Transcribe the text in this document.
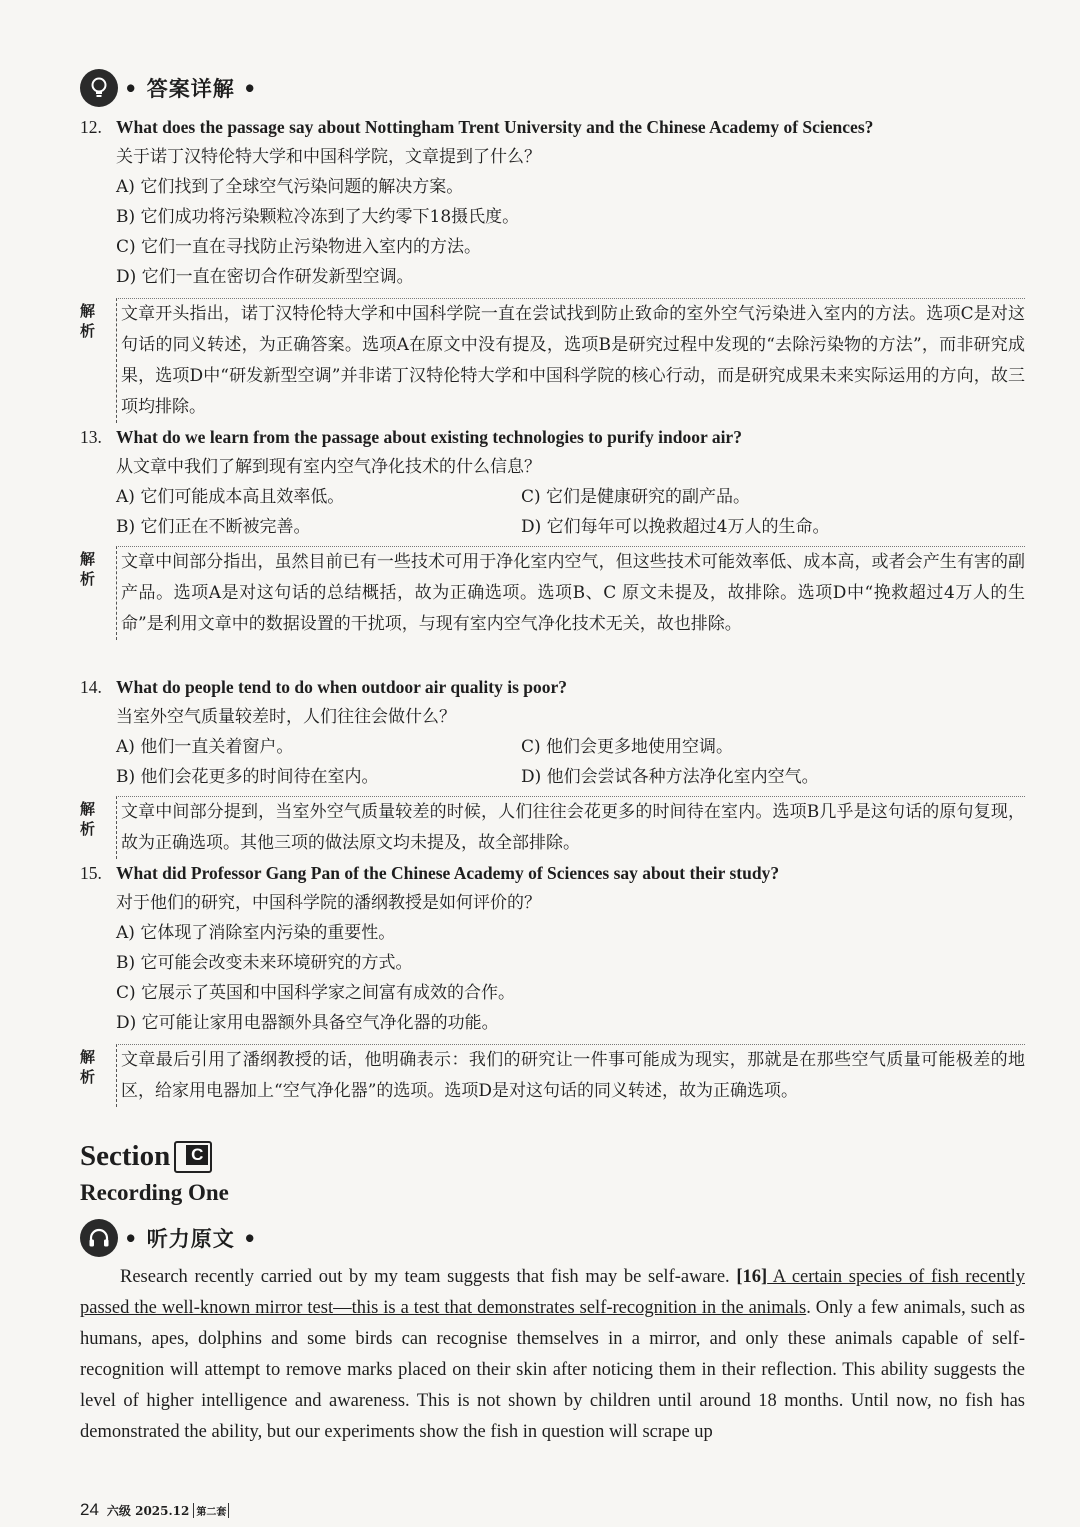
• 答案详解 •
12. What does the passage say about Nottingham Trent University and the Chinese Academy of Sciences?
关于诺丁汉特伦特大学和中国科学院，文章提到了什么？
A) 它们找到了全球空气污染问题的解决方案。
B) 它们成功将污染颗粒冷冻到了大约零下18摄氏度。
C) 它们一直在寻找防止污染物进入室内的方法。
D) 它们一直在密切合作研发新型空调。
解析
文章开头指出，诺丁汉特伦特大学和中国科学院一直在尝试找到防止致命的室外空气污染进入室内的方法。选项C是对这句话的同义转述，为正确答案。选项A在原文中没有提及，选项B是研究过程中发现的“去除污染物的方法”，而非研究成果，选项D中“研发新型空调”并非诺丁汉特伦特大学和中国科学院的核心行动，而是研究成果未来实际运用的方向，故三项均排除。
13. What do we learn from the passage about existing technologies to purify indoor air?
从文章中我们了解到现有室内空气净化技术的什么信息？
A) 它们可能成本高且效率低。	C) 它们是健康研究的副产品。
B) 它们正在不断被完善。	D) 它们每年可以挽救超过4万人的生命。
解析
文章中间部分指出，虽然目前已有一些技术可用于净化室内空气，但这些技术可能效率低、成本高，或者会产生有害的副产品。选项A是对这句话的总结概括，故为正确选项。选项B、C 原文未提及，故排除。选项D中“挽救超过4万人的生命”是利用文章中的数据设置的干扰项，与现有室内空气净化技术无关，故也排除。
14. What do people tend to do when outdoor air quality is poor?
当室外空气质量较差时，人们往往会做什么？
A) 他们一直关着窗户。	C) 他们会更多地使用空调。
B) 他们会花更多的时间待在室内。	D) 他们会尝试各种方法净化室内空气。
解析
文章中间部分提到，当室外空气质量较差的时候，人们往往会花更多的时间待在室内。选项B几乎是这句话的原句复现，故为正确选项。其他三项的做法原文均未提及，故全部排除。
15. What did Professor Gang Pan of the Chinese Academy of Sciences say about their study?
对于他们的研究，中国科学院的潘纲教授是如何评价的？
A) 它体现了消除室内污染的重要性。
B) 它可能会改变未来环境研究的方式。
C) 它展示了英国和中国科学家之间富有成效的合作。
D) 它可能让家用电器额外具备空气净化器的功能。
解析
文章最后引用了潘纲教授的话，他明确表示：我们的研究让一件事可能成为现实，那就是在那些空气质量可能极差的地区，给家用电器加上“空气净化器”的选项。选项D是对这句话的同义转述，故为正确选项。
Section C
Recording One
• 听力原文 •
Research recently carried out by my team suggests that fish may be self-aware. [16] A certain species of fish recently passed the well-known mirror test—this is a test that demonstrates self-recognition in the animals. Only a few animals, such as humans, apes, dolphins and some birds can recognise themselves in a mirror, and only these animals capable of self-recognition will attempt to remove marks placed on their skin after noticing them in their reflection. This ability suggests the level of higher intelligence and awareness. This is not shown by children until around 18 months. Until now, no fish has demonstrated the ability, but our experiments show the fish in question will scrape up
24 六级 2025.12 第二套
